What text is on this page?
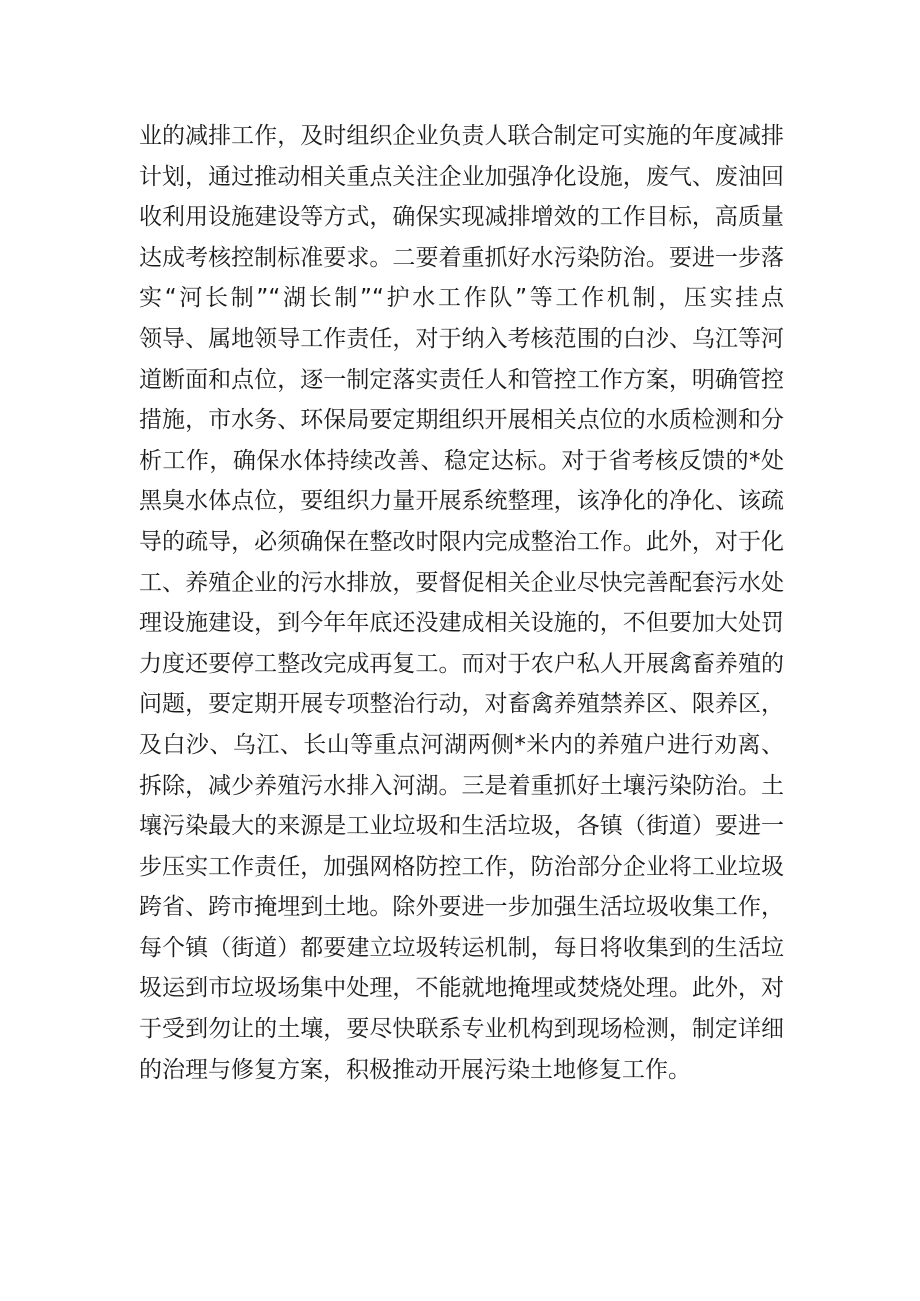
业的减排工作，及时组织企业负责人联合制定可实施的年度减排
计划，通过推动相关重点关注企业加强净化设施，废气、废油回
收利用设施建设等方式，确保实现减排增效的工作目标，高质量
达成考核控制标准要求。二要着重抓好水污染防治。要进一步落
实“河长制”“湖长制”“护水工作队”等工作机制，压实挂点
领导、属地领导工作责任，对于纳入考核范围的白沙、乌江等河
道断面和点位，逐一制定落实责任人和管控工作方案，明确管控
措施，市水务、环保局要定期组织开展相关点位的水质检测和分
析工作，确保水体持续改善、稳定达标。对于省考核反馈的*处
黑臭水体点位，要组织力量开展系统整理，该净化的净化、该疏
导的疏导，必须确保在整改时限内完成整治工作。此外，对于化
工、养殖企业的污水排放，要督促相关企业尽快完善配套污水处
理设施建设，到今年年底还没建成相关设施的，不但要加大处罚
力度还要停工整改完成再复工。而对于农户私人开展禽畜养殖的
问题，要定期开展专项整治行动，对畜禽养殖禁养区、限养区，
及白沙、乌江、长山等重点河湖两侧*米内的养殖户进行劝离、
拆除，减少养殖污水排入河湖。三是着重抓好土壤污染防治。土
壤污染最大的来源是工业垃圾和生活垃圾，各镇（街道）要进一
步压实工作责任，加强网格防控工作，防治部分企业将工业垃圾
跨省、跨市掩埋到土地。除外要进一步加强生活垃圾收集工作，
每个镇（街道）都要建立垃圾转运机制，每日将收集到的生活垃
圾运到市垃圾场集中处理，不能就地掩埋或焚烧处理。此外，对
于受到勿让的土壤，要尽快联系专业机构到现场检测，制定详细
的治理与修复方案，积极推动开展污染土地修复工作。
